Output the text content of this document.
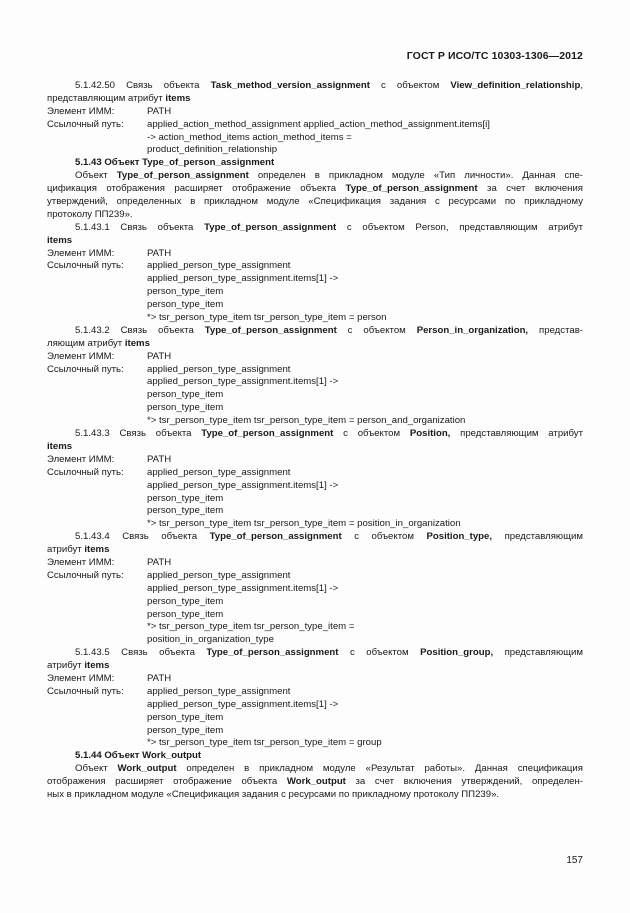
ГОСТ Р ИСО/ТС 10303-1306—2012
5.1.42.50 Связь объекта Task_method_version_assignment с объектом View_definition_relationship,
представляющим атрибут items
Элемент ИММ:	PATH
Ссылочный путь:	applied_action_method_assignment applied_action_method_assignment.items[i]
-> action_method_items action_method_items =
product_definition_relationship
5.1.43 Объект Type_of_person_assignment
Объект Type_of_person_assignment определен в прикладном модуле «Тип личности». Данная спе-
цификация отображения расширяет отображение объекта Type_of_person_assignment за счет включения
утверждений, определенных в прикладном модуле «Спецификация задания с ресурсами по прикладному
протоколу ПП239».
5.1.43.1 Связь объекта Type_of_person_assignment с объектом Person, представляющим атрибут
items
Элемент ИММ:	PATH
Ссылочный путь:	applied_person_type_assignment
applied_person_type_assignment.items[1] ->
person_type_item
person_type_item
*> tsr_person_type_item tsr_person_type_item = person
5.1.43.2 Связь объекта Type_of_person_assignment с объектом Person_in_organization, представ-
ляющим атрибут items
Элемент ИММ:	PATH
Ссылочный путь:	applied_person_type_assignment
applied_person_type_assignment.items[1] ->
person_type_item
person_type_item
*> tsr_person_type_item tsr_person_type_item = person_and_organization
5.1.43.3 Связь объекта Type_of_person_assignment с объектом Position, представляющим атрибут
items
Элемент ИММ:	PATH
Ссылочный путь:	applied_person_type_assignment
applied_person_type_assignment.items[1] ->
person_type_item
person_type_item
*> tsr_person_type_item tsr_person_type_item = position_in_organization
5.1.43.4 Связь объекта Type_of_person_assignment с объектом Position_type, представляющим
атрибут items
Элемент ИММ:	PATH
Ссылочный путь:	applied_person_type_assignment
applied_person_type_assignment.items[1] ->
person_type_item
person_type_item
*> tsr_person_type_item tsr_person_type_item =
position_in_organization_type
5.1.43.5 Связь объекта Type_of_person_assignment с объектом Position_group, представляющим
атрибут items
Элемент ИММ:	PATH
Ссылочный путь:	applied_person_type_assignment
applied_person_type_assignment.items[1] ->
person_type_item
person_type_item
*> tsr_person_type_item tsr_person_type_item = group
5.1.44 Объект Work_output
Объект Work_output определен в прикладном модуле «Результат работы». Данная спецификация
отображения расширяет отображение объекта Work_output за счет включения утверждений, определен-
ных в прикладном модуле «Спецификация задания с ресурсами по прикладному протоколу ПП239».
157
